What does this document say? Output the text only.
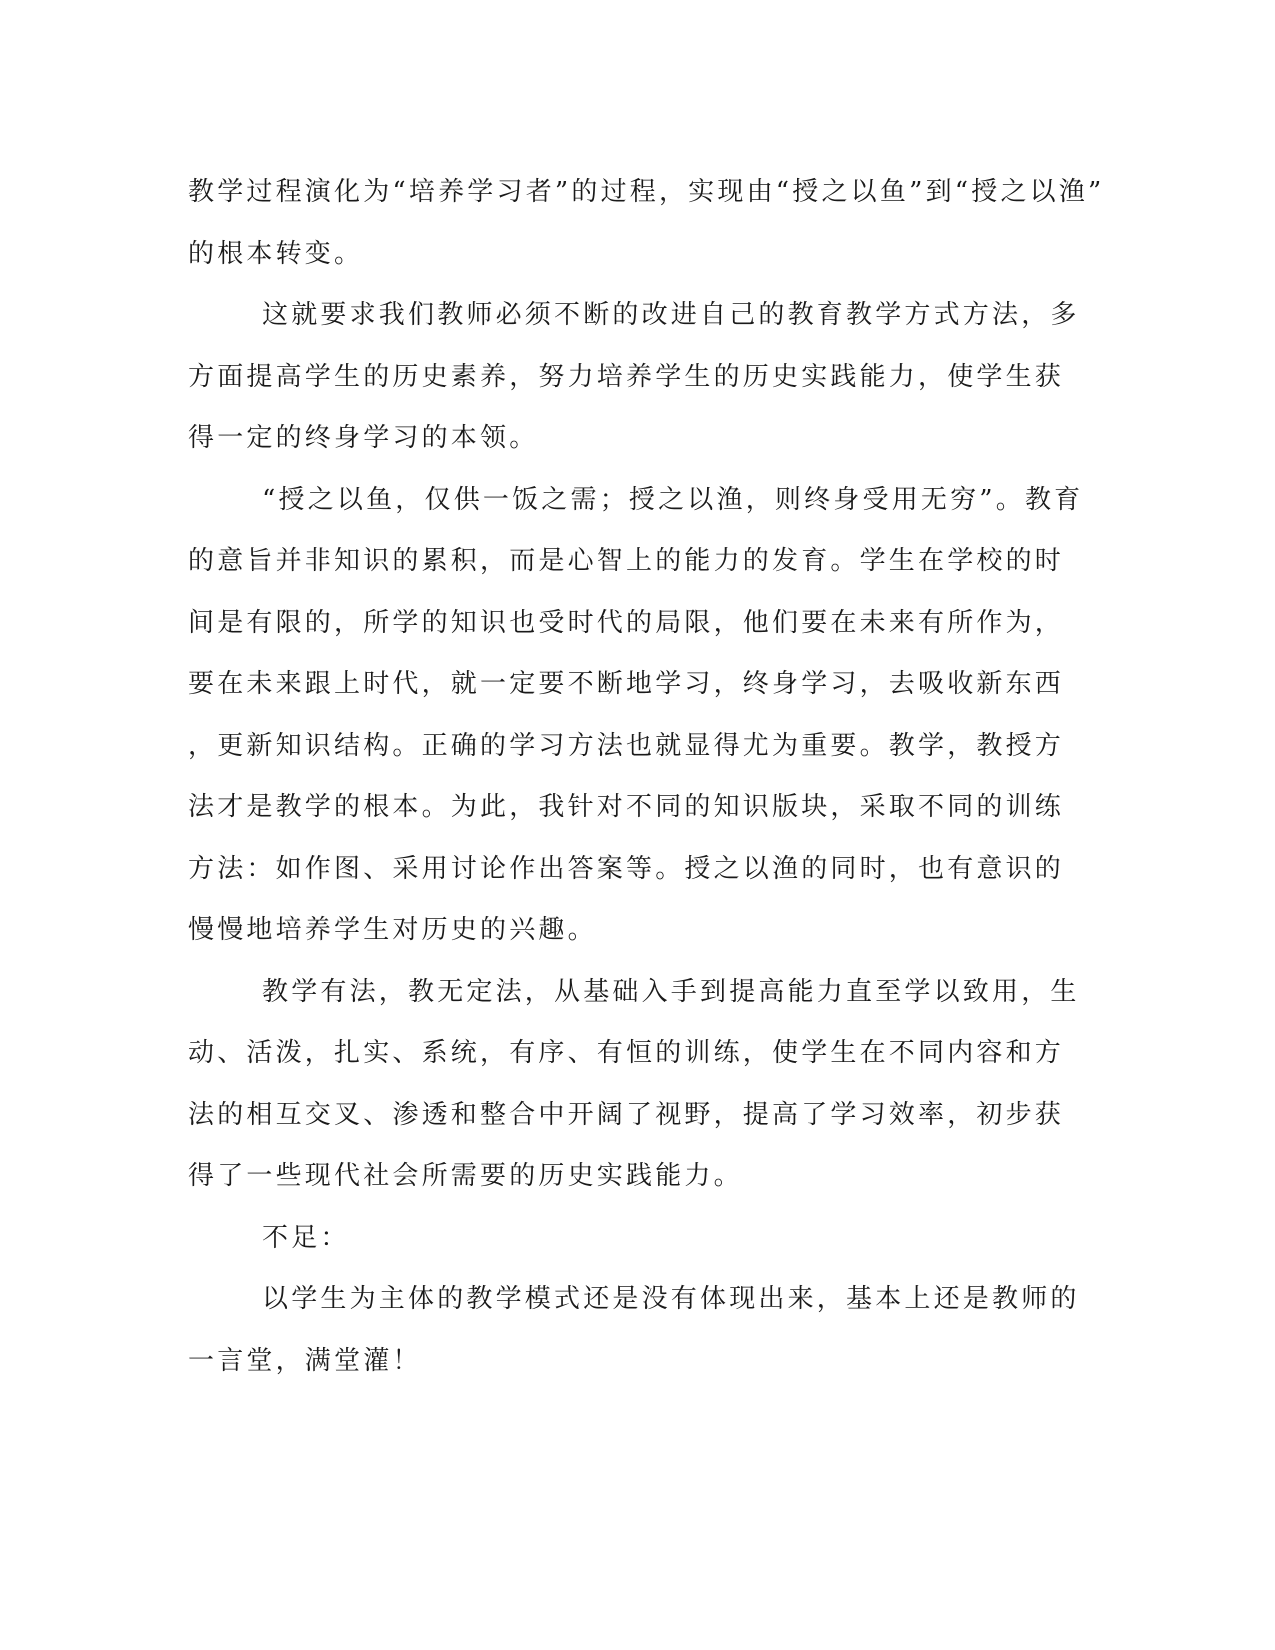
教学过程演化为“培养学习者”的过程，实现由“授之以鱼”到“授之以渔”
的根本转变。
这就要求我们教师必须不断的改进自己的教育教学方式方法，多
方面提高学生的历史素养，努力培养学生的历史实践能力，使学生获
得一定的终身学习的本领。
“授之以鱼，仅供一饭之需；授之以渔，则终身受用无穷”。教育
的意旨并非知识的累积，而是心智上的能力的发育。学生在学校的时
间是有限的，所学的知识也受时代的局限，他们要在未来有所作为，
要在未来跟上时代，就一定要不断地学习，终身学习，去吸收新东西
，更新知识结构。正确的学习方法也就显得尤为重要。教学，教授方
法才是教学的根本。为此，我针对不同的知识版块，采取不同的训练
方法：如作图、采用讨论作出答案等。授之以渔的同时，也有意识的
慢慢地培养学生对历史的兴趣。
教学有法，教无定法，从基础入手到提高能力直至学以致用，生
动、活泼，扎实、系统，有序、有恒的训练，使学生在不同内容和方
法的相互交叉、渗透和整合中开阔了视野，提高了学习效率，初步获
得了一些现代社会所需要的历史实践能力。
不足：
以学生为主体的教学模式还是没有体现出来，基本上还是教师的
一言堂，满堂灌！
